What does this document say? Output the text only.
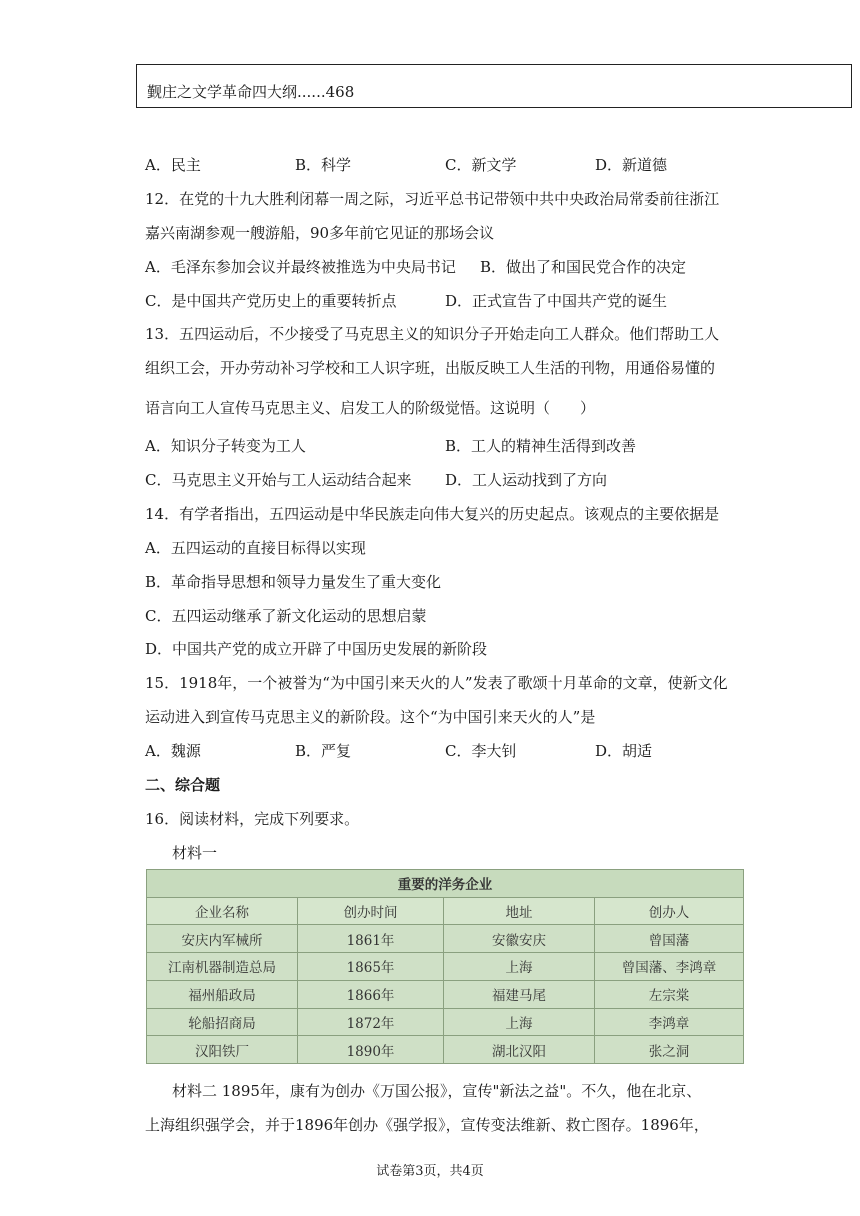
觐庄之文学革命四大纲......468
A．民主	B．科学	C．新文学	D．新道德
12．在党的十九大胜利闭幕一周之际，习近平总书记带领中共中央政治局常委前往浙江
嘉兴南湖参观一艘游船，90多年前它见证的那场会议
A．毛泽东参加会议并最终被推选为中央局书记 B．做出了和国民党合作的决定
C．是中国共产党历史上的重要转折点	D．正式宣告了中国共产党的诞生
13．五四运动后，不少接受了马克思主义的知识分子开始走向工人群众。他们帮助工人
组织工会，开办劳动补习学校和工人识字班，出版反映工人生活的刊物，用通俗易懂的
语言向工人宣传马克思主义、启发工人的阶级觉悟。这说明（　　）
A．知识分子转变为工人	B．工人的精神生活得到改善
C．马克思主义开始与工人运动结合起来 D．工人运动找到了方向
14．有学者指出，五四运动是中华民族走向伟大复兴的历史起点。该观点的主要依据是
A．五四运动的直接目标得以实现
B．革命指导思想和领导力量发生了重大变化
C．五四运动继承了新文化运动的思想启蒙
D．中国共产党的成立开辟了中国历史发展的新阶段
15．1918年，一个被誉为“为中国引来天火的人”发表了歌颂十月革命的文章，使新文化
运动进入到宣传马克思主义的新阶段。这个“为中国引来天火的人”是
A．魏源	B．严复	C．李大钊	D．胡适
二、综合题
16．阅读材料，完成下列要求。
材料一
重要的洋务企业			
企业名称	创办时间	地址	创办人
安庆内军械所	1861年	安徽安庆	曾国藩
江南机器制造总局	1865年	上海	曾国藩、李鸿章
福州船政局	1866年	福建马尾	左宗棠
轮船招商局	1872年	上海	李鸿章
汉阳铁厂	1890年	湖北汉阳	张之洞
材料二 1895年，康有为创办《万国公报》，宣传"新法之益"。不久，他在北京、
上海组织强学会，并于1896年创办《强学报》，宣传变法维新、救亡图存。1896年，
试卷第3页，共4页
